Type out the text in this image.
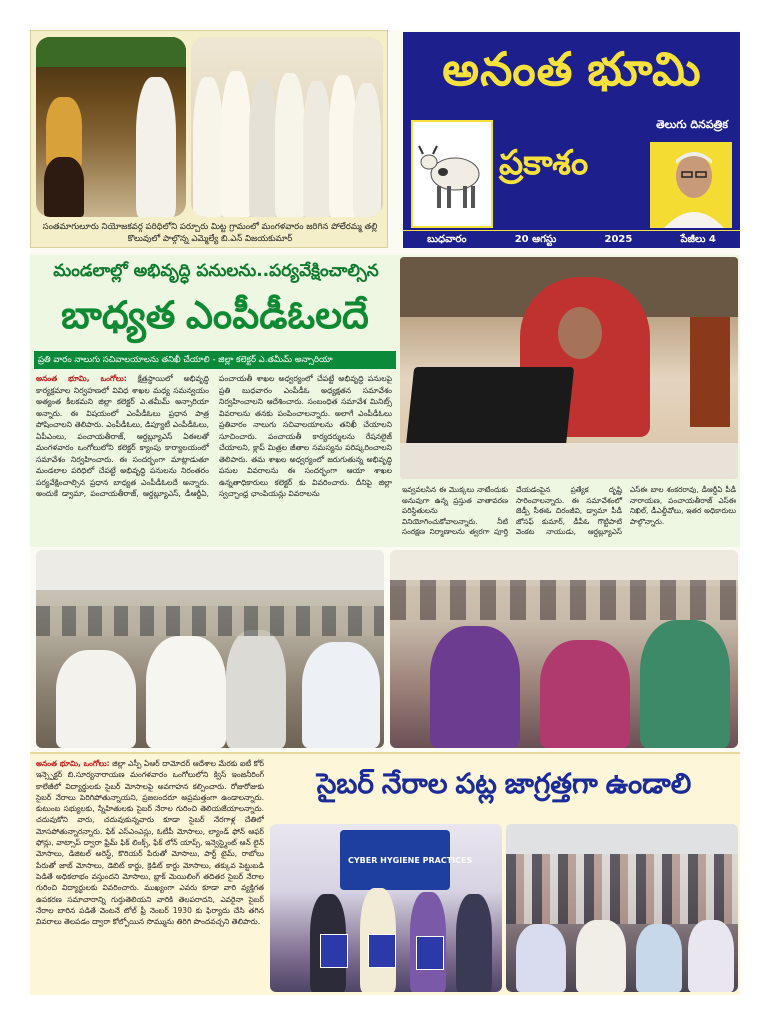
సంతమాగులూరు నియోజకవర్గ పరిధిలోని పర్చూరు మిట్ట గ్రామంలో మంగళవారం జరిగిన పోలేరమ్మ తల్లి కొలువులో పాల్గొన్న ఎమ్మెల్యే బి.ఎన్ విజయకుమార్
అనంత భూమి
తెలుగు దినపత్రిక
ప్రకాశం
బుధవారం	20 ఆగస్టు	2025	పేజీలు 4
మండలాల్లో అభివృద్ధి పనులను..పర్యవేక్షించాల్సిన
బాధ్యత ఎంపీడీఓలదే
ప్రతి వారం నాలుగు సచివాలయాలను తనిఖీ చేయాలి - జిల్లా కలెక్టర్ ఎ.తమీమ్ అన్సారియా
అనంత భూమి, ఒంగోలు: క్షేత్రస్థాయిలో అభివృద్ధి కార్యక్రమాల నిర్వహణలో వివిధ శాఖల మధ్య సమన్వయం అత్యంత కీలకమని జిల్లా కలెక్టర్ ఎ.తమీమ్ అన్సారియా అన్నారు. ఈ విషయంలో ఎంపీడీఓలు ప్రధాన పాత్ర పోషించాలని తెలిపారు. ఎంపీడీఓలు, డిప్యూటీ ఎంపీడీఓలు, ఏపీఎంలు, పంచాయతీరాజ్, ఆర్డబ్ల్యూఎస్ ఏఈలతో మంగళవారం ఒంగోలులోని కలెక్టర్ క్యాంపు కార్యాలయంలో సమావేశం నిర్వహించారు. ఈ సందర్భంగా మాట్లాడుతూ మండలాల పరిధిలో చేపట్టే అభివృద్ధి పనులను నిరంతరం పర్యవేక్షించాల్సిన ప్రధాన బాధ్యత ఎంపీడీఓలదే అన్నారు. అందుకే డ్వామా, పంచాయతీరాజ్, ఆర్డబ్ల్యూఎస్, డీఆర్డీఏ, పంచాయతీ శాఖల అధ్వర్యంలో చేపట్టే అభివృద్ధి పనులపై ప్రతి బుధవారం ఎంపీడీఓ అధ్యక్షతన సమావేశం నిర్వహించాలని ఆదేశించారు. సంబంధిత సమావేశ మినిట్స్ వివరాలను తనకు పంపించాలన్నారు. అలాగే ఎంపీడీఓలు ప్రతివారం నాలుగు సచివాలయాలను తనిఖీ చేయాలని సూచించారు. పంచాయతీ కార్యదర్శులను రేషనలైజ్ చేయాలని, క్లాప్ మిత్రల జీతాల సమస్యను పరిష్కరించాలని తెలిపారు. తమ శాఖల అధ్వర్యంలో జరుగుతున్న అభివృద్ధి పనుల వివరాలను ఈ సందర్భంగా ఆయా శాఖల ఉన్నతాధికారులు కలెక్టర్ కు వివరించారు. దీనిపై జిల్లా స్వచ్ఛాంధ్ర ఛాంపియన్లు వివరాలను	ఇవ్వవలసిన ఈ మొక్కలు నాటేందుకు అనువుగా ఉన్న ప్రస్తుత వాతావరణ పరిస్థితులను వినియోగించుకోవాలన్నారు. నీటి సంరక్షణ నిర్మాణాలను త్వరగా పూర్తి చేయడంపైన ప్రత్యేక దృష్టి సారించాలన్నారు. ఈ సమావేశంలో జెడ్పీ సీఈఓ చిరంజీవి, డ్వామా పీడీ జోసఫ్ కుమార్, డీపీఓ గొట్టిపాటి వెంకట నాయుడు, ఆర్డబ్ల్యూఎస్ ఎస్ఈ బాల శంకరరావు, డీఆర్డీఏ పీడీ నారాయణ, పంచాయతీరాజ్ ఎస్ఈ నిఖిల్, డీఎల్డీవోలు, ఇతర అధికారులు పాల్గొన్నారు.
అనంత భూమి, ఒంగోలు: జిల్లా ఎస్పీ ఏఆర్ దామోదర్ ఆదేశాల మేరకు ఐటీ కోర్ ఇన్స్పెక్టర్ బి.సూర్యనారాయణ మంగళవారం ఒంగోలులోని క్విస్ ఇంజనీరింగ్ కాలేజీలో విద్యార్థులకు సైబర్ మోసాలపై అవగాహన కల్పించారు. రోజురోజుకు సైబర్ నేరాలు పెరిగిపోతున్నాయని, ప్రజలందరూ అప్రమత్తంగా ఉండాలన్నారు. కుటుంబ సభ్యులకు, స్నేహితులకు సైబర్ నేరాల గురించి తెలియజేయాలన్నారు. చదువుకోని వారు, చదువుకున్నవారు కూడా సైబర్ నేరగాళ్ల చేతిలో మోసపోతున్నారన్నారు. ఫేక్ ఎస్ఎంఎస్లు, ఓటీపీ మోసాలు, ల్యాండ్ ఫోన్ ఆఫర్ ఫోన్లు, వాట్సాప్ ద్వారా ఫ్రేమ్ ఫిక్ లింక్స్, ఫేక్ లోన్ యాప్స్, ఇన్వెస్ట్మెంట్ ఆన్ లైన్ మోసాలు, డిజిటల్ అరెస్ట్, కొరియర్ పేరుతో మోసాలు, పార్ట్ టైమ్, రాబోలు పేరుతో జాబ్ మోసాలు, డెబిట్ కార్డు, క్రెడిట్ కార్డు మోసాలు, తక్కువ పెట్టుబడి పెడితే అధికలాభం వస్తుందని మోసాలు, బ్లాక్ మెయిలింగ్ తదితర సైబర్ నేరాల గురించి విద్యార్థులకు వివరించారు. ముఖ్యంగా ఎవరు కూడా వారి వ్యక్తిగత ఉపకరణ సమాచారాన్ని గుర్తుతెలియని వారికి తెలపరాదని, ఎవరైనా సైబర్ నేరాల బారిన పడితే వెంటనే టోల్ ఫ్రీ నెంబర్ 1930 కు ఫిర్యాదు చేసి తగిన వివరాలు తెలపడం ద్వారా కోల్పోయిన సొమ్మును తిరిగి పొందవచ్చని తెలిపారు.
సైబర్ నేరాల పట్ల జాగ్రత్తగా ఉండాలి
CYBER HYGIENE PRACTICES
